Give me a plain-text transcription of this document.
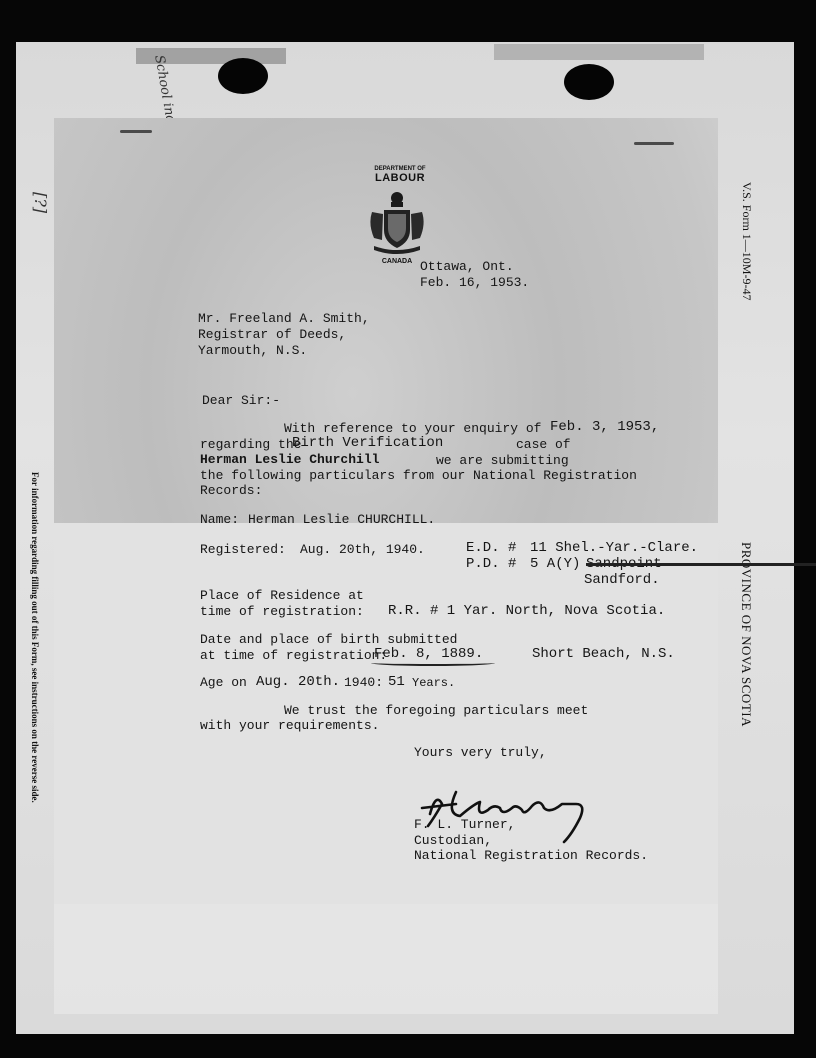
[?]
For information regarding filling out of this Form, see instructions on the reverse side.
V.S. Form 1—10M-9-47
PROVINCE OF NOVA SCOTIA

DEPARTMENT OF
LABOUR
CANADA Ottawa, Ont.
Feb. 16, 1953.
Mr. Freeland A. Smith,
Registrar of Deeds,
Yarmouth, N.S.
Dear Sir:-
With reference to your enquiry of Feb. 3, 1953,
regarding the
Birth Verification	case of
Herman Leslie Churchill	we are submitting
the following particulars from our National Registration
Records:
Name: Herman Leslie CHURCHILL.
Registered: Aug. 20th, 1940.	E.D. # 11 Shel.-Yar.-Clare.
P.D. # 5 A(Y) Sandpoint
Sandford.
Place of Residence at
time of registration: R.R. # 1 Yar. North, Nova Scotia.
Date and place of birth submitted
at time of registration:
Feb. 8, 1889.	Short Beach, N.S.
Age on Aug. 20th. 1940: 51 Years.
We trust the foregoing particulars meet
with your requirements.
Yours very truly,
F. L. Turner,
Custodian,
National Registration Records.
